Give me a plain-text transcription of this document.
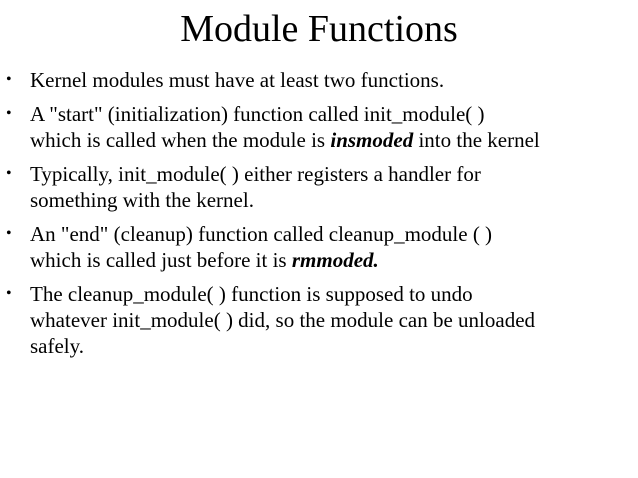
Module Functions
• Kernel modules must have at least two functions.
• A "start" (initialization) function called init_module( )
which is called when the module is insmoded into the kernel
• Typically, init_module( ) either registers a handler for
something with the kernel.
• An "end" (cleanup) function called cleanup_module ( )
which is called just before it is rmmoded.
• The cleanup_module( ) function is supposed to undo
whatever init_module( ) did, so the module can be unloaded
safely.
